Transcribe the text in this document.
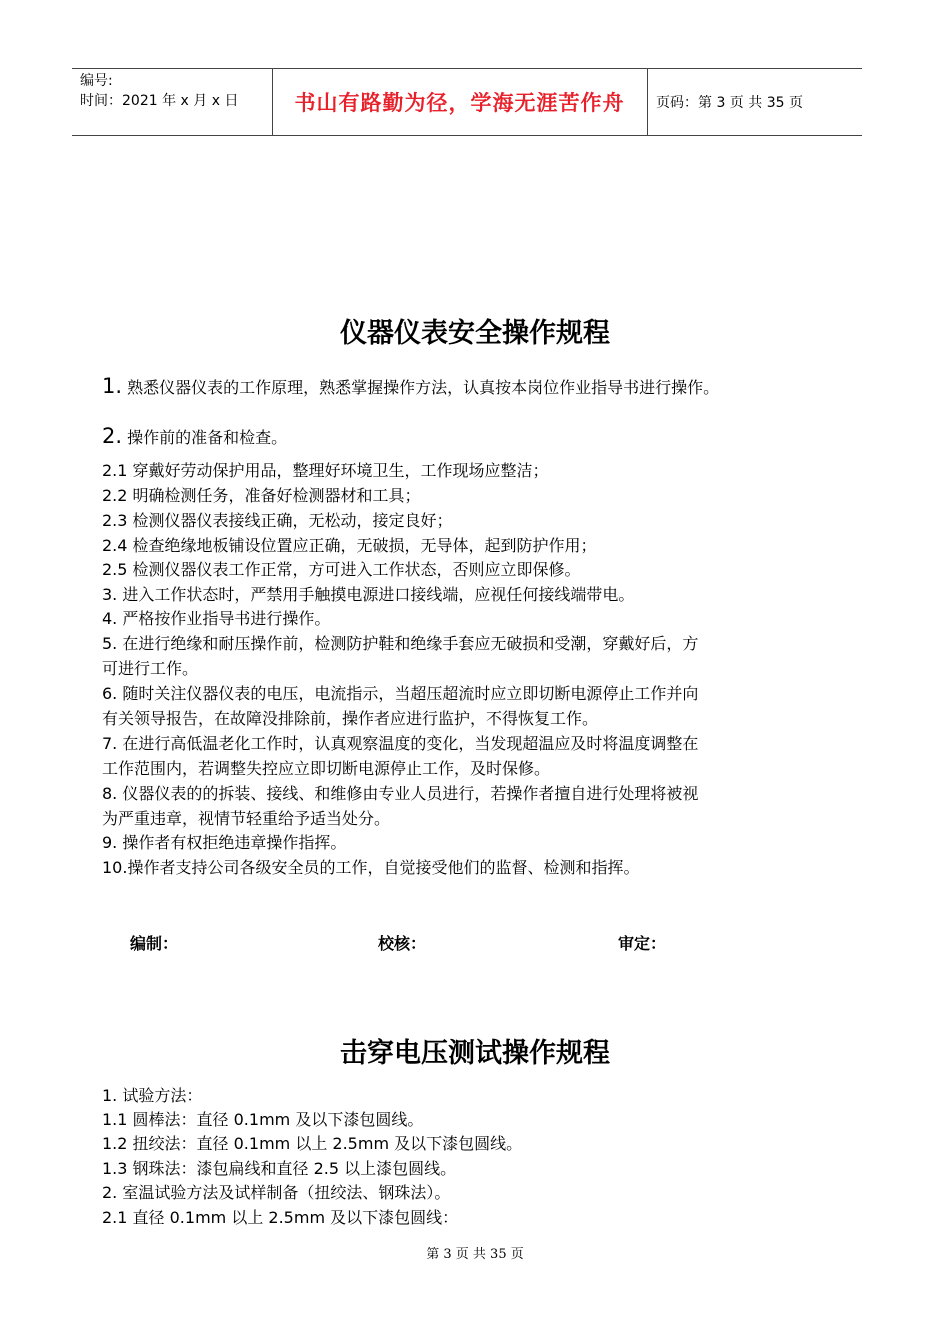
编号:
时间：2021 年 x 月 x 日	书山有路勤为径，学海无涯苦作舟	页码：第 3 页 共 35 页
仪器仪表安全操作规程
1. 熟悉仪器仪表的工作原理，熟悉掌握操作方法，认真按本岗位作业指导书进行操作。
2. 操作前的准备和检查。
2.1 穿戴好劳动保护用品，整理好环境卫生，工作现场应整洁；
2.2 明确检测任务，准备好检测器材和工具；
2.3 检测仪器仪表接线正确，无松动，接定良好；
2.4 检查绝缘地板铺设位置应正确，无破损，无导体，起到防护作用；
2.5 检测仪器仪表工作正常，方可进入工作状态，否则应立即保修。
3. 进入工作状态时，严禁用手触摸电源进口接线端，应视任何接线端带电。
4. 严格按作业指导书进行操作。
5. 在进行绝缘和耐压操作前，检测防护鞋和绝缘手套应无破损和受潮，穿戴好后，方
可进行工作。
6. 随时关注仪器仪表的电压，电流指示，当超压超流时应立即切断电源停止工作并向
有关领导报告，在故障没排除前，操作者应进行监护，不得恢复工作。
7. 在进行高低温老化工作时，认真观察温度的变化，当发现超温应及时将温度调整在
工作范围内，若调整失控应立即切断电源停止工作，及时保修。
8. 仪器仪表的的拆装、接线、和维修由专业人员进行，若操作者擅自进行处理将被视
为严重违章，视情节轻重给予适当处分。
9. 操作者有权拒绝违章操作指挥。
10.操作者支持公司各级安全员的工作，自觉接受他们的监督、检测和指挥。
编制：	校核：	审定：
击穿电压测试操作规程
1. 试验方法：
1.1 圆棒法：直径 0.1mm 及以下漆包圆线。
1.2 扭绞法：直径 0.1mm 以上 2.5mm 及以下漆包圆线。
1.3 钢珠法：漆包扁线和直径 2.5 以上漆包圆线。
2. 室温试验方法及试样制备（扭绞法、钢珠法）。
2.1 直径 0.1mm 以上 2.5mm 及以下漆包圆线：
第 3 页 共 35 页
